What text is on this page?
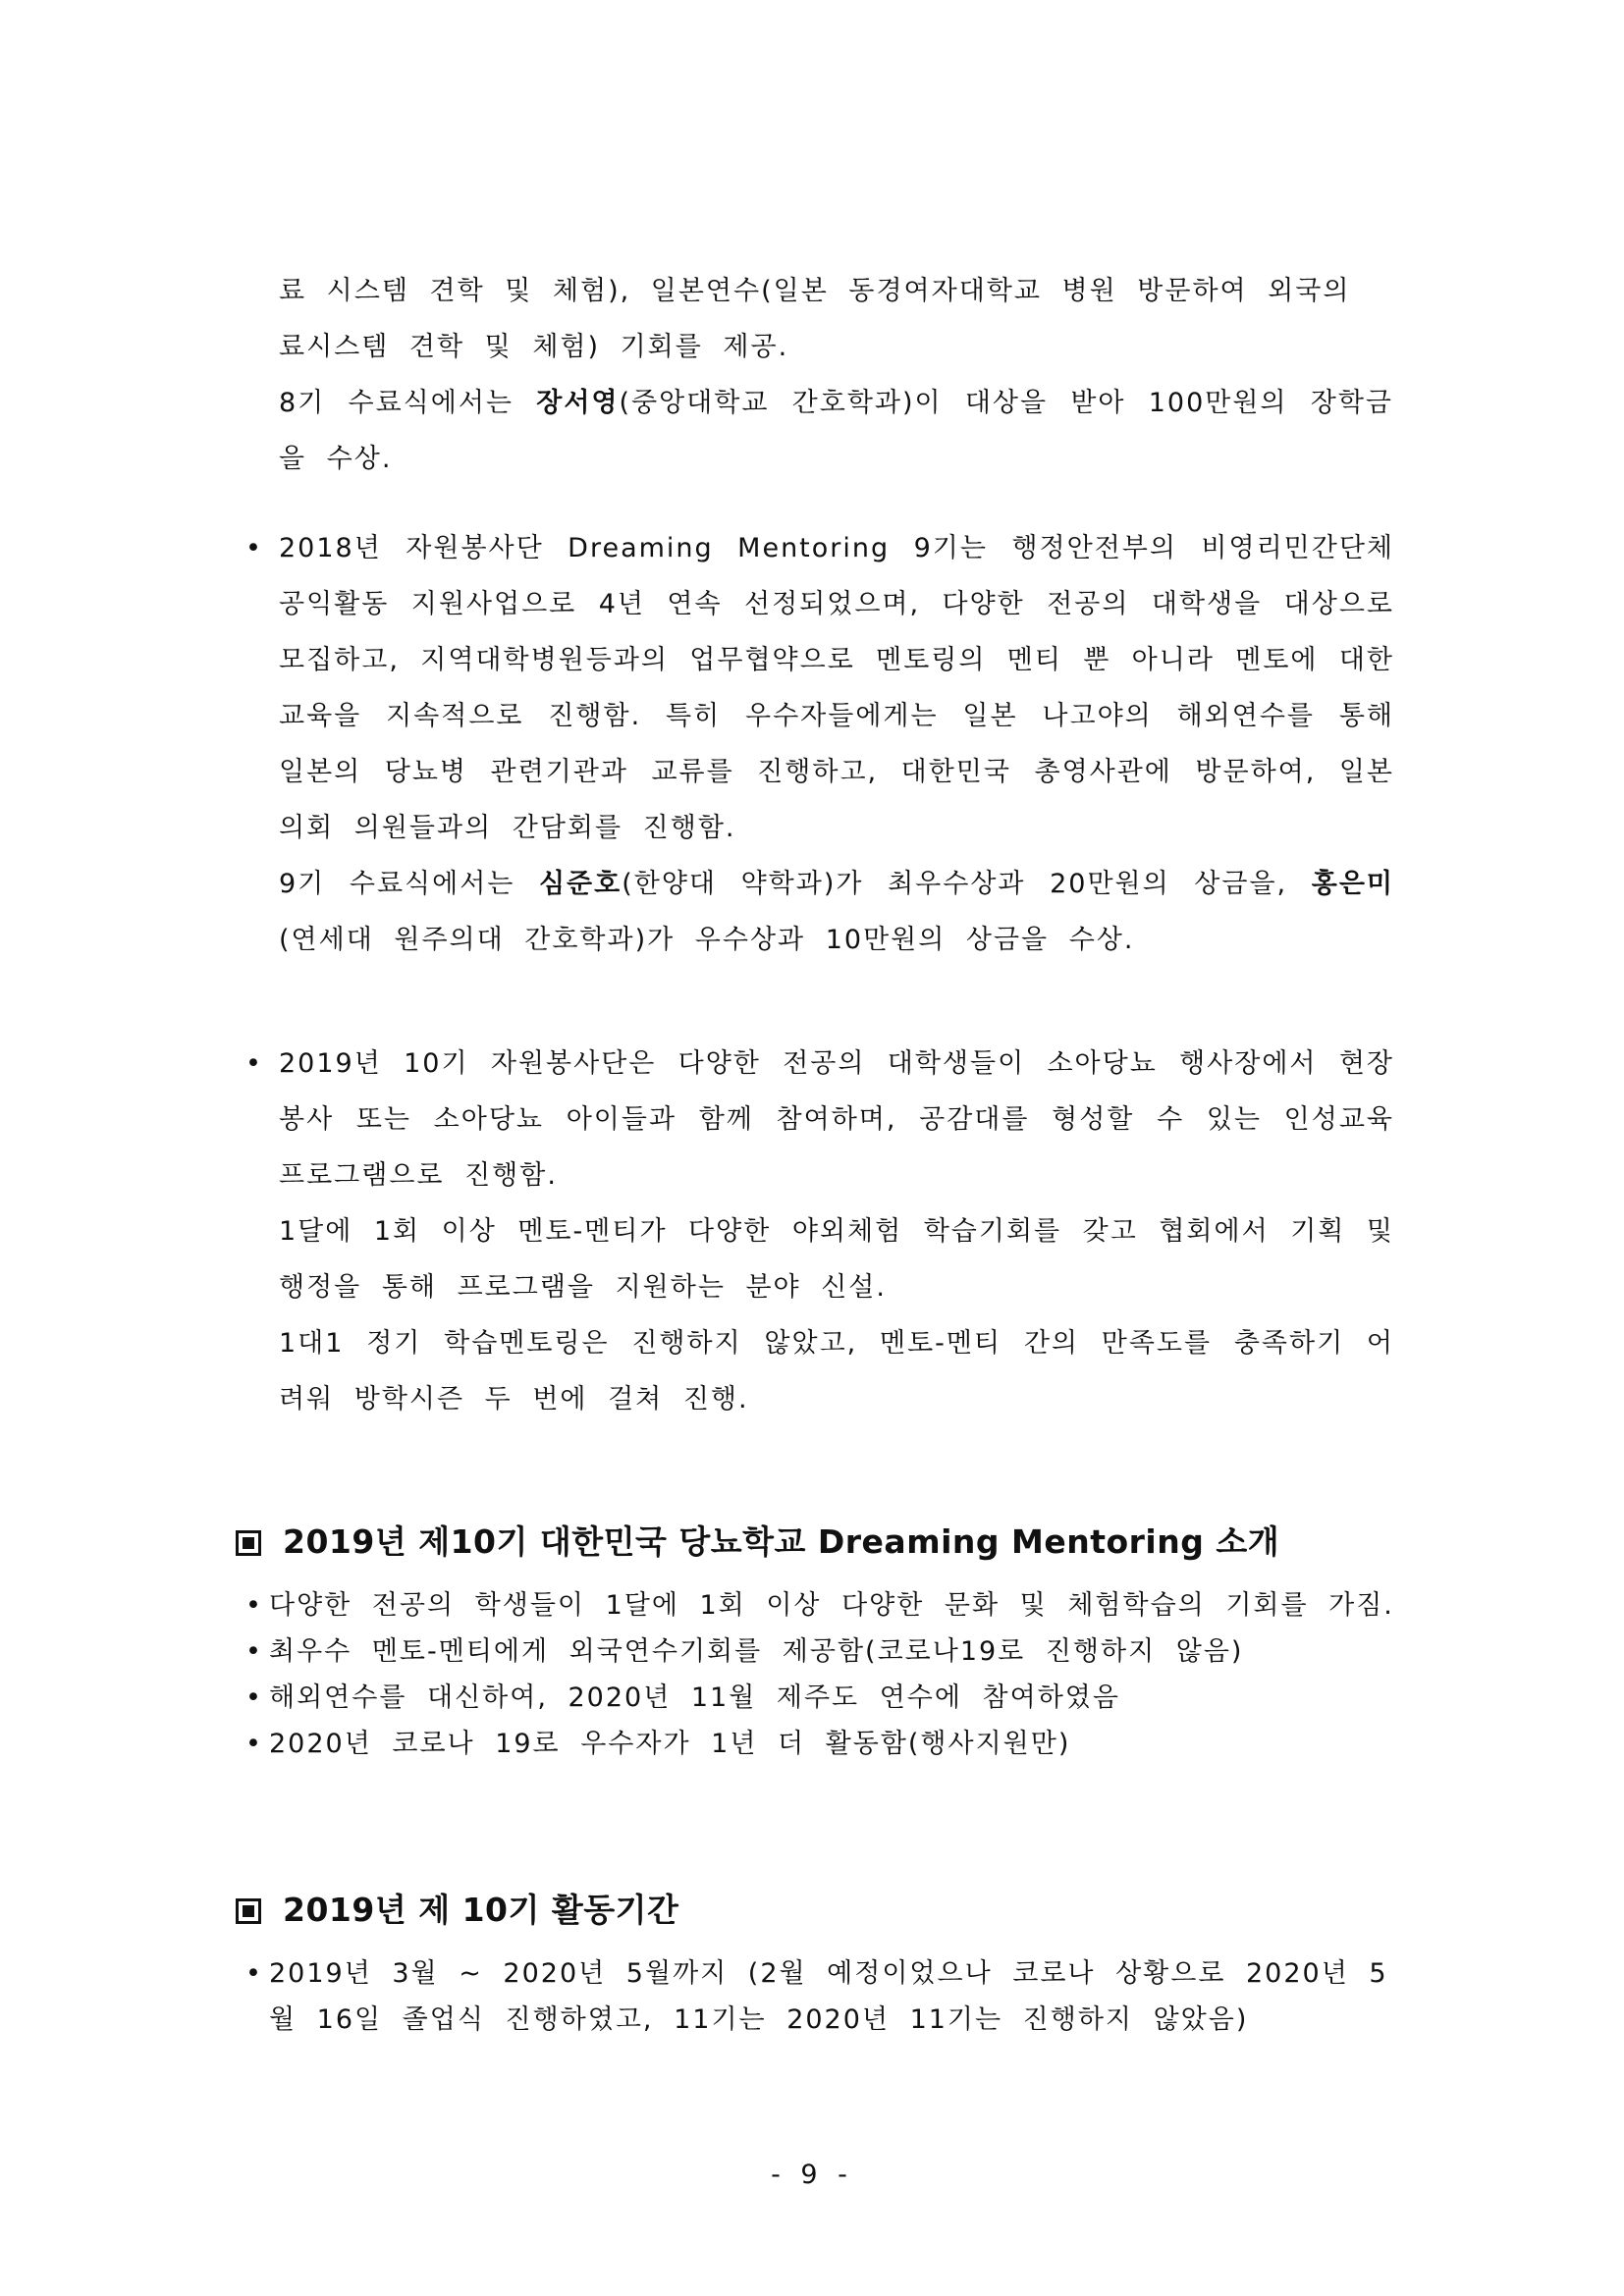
료 시스템 견학 및 체험), 일본연수(일본 동경여자대학교 병원 방문하여 외국의
료시스템 견학 및 체험) 기회를 제공.

8기 수료식에서는 장서영(중앙대학교 간호학과)이 대상을 받아 100만원의 장학금을 수상.

• 2018년 자원봉사단 Dreaming Mentoring 9기는 행정안전부의 비영리민간단체 공익활동 지원사업으로 4년 연속 선정되었으며, 다양한 전공의 대학생을 대상으로 모집하고, 지역대학병원등과의 업무협약으로 멘토링의 멘티 뿐 아니라 멘토에 대한 교육을 지속적으로 진행함. 특히 우수자들에게는 일본 나고야의 해외연수를 통해 일본의 당뇨병 관련기관과 교류를 진행하고, 대한민국 총영사관에 방문하여, 일본 의회 의원들과의 간담회를 진행함.
9기 수료식에서는 심준호(한양대 약학과)가 최우수상과 20만원의 상금을, 홍은미(연세대 원주의대 간호학과)가 우수상과 10만원의 상금을 수상.
• 2019년 10기 자원봉사단은 다양한 전공의 대학생들이 소아당뇨 행사장에서 현장봉사 또는 소아당뇨 아이들과 함께 참여하며, 공감대를 형성할 수 있는 인성교육 프로그램으로 진행함.
1달에 1회 이상 멘토-멘티가 다양한 야외체험 학습기회를 갖고 협회에서 기획 및 행정을 통해 프로그램을 지원하는 분야 신설.
1대1 정기 학습멘토링은 진행하지 않았고, 멘토-멘티 간의 만족도를 충족하기 어려워 방학시즌 두 번에 걸쳐 진행.
2019년 제10기 대한민국 당뇨학교 Dreaming Mentoring 소개
• 다양한 전공의 학생들이 1달에 1회 이상 다양한 문화 및 체험학습의 기회를 가짐.
• 최우수 멘토-멘티에게 외국연수기회를 제공함(코로나19로 진행하지 않음)
• 해외연수를 대신하여, 2020년 11월 제주도 연수에 참여하였음
• 2020년 코로나 19로 우수자가 1년 더 활동함(행사지원만)
2019년 제 10기 활동기간
• 2019년 3월 ~ 2020년 5월까지 (2월 예정이었으나 코로나 상황으로 2020년 5월 16일 졸업식 진행하였고, 11기는 2020년 11기는 진행하지 않았음)
- 9 -
